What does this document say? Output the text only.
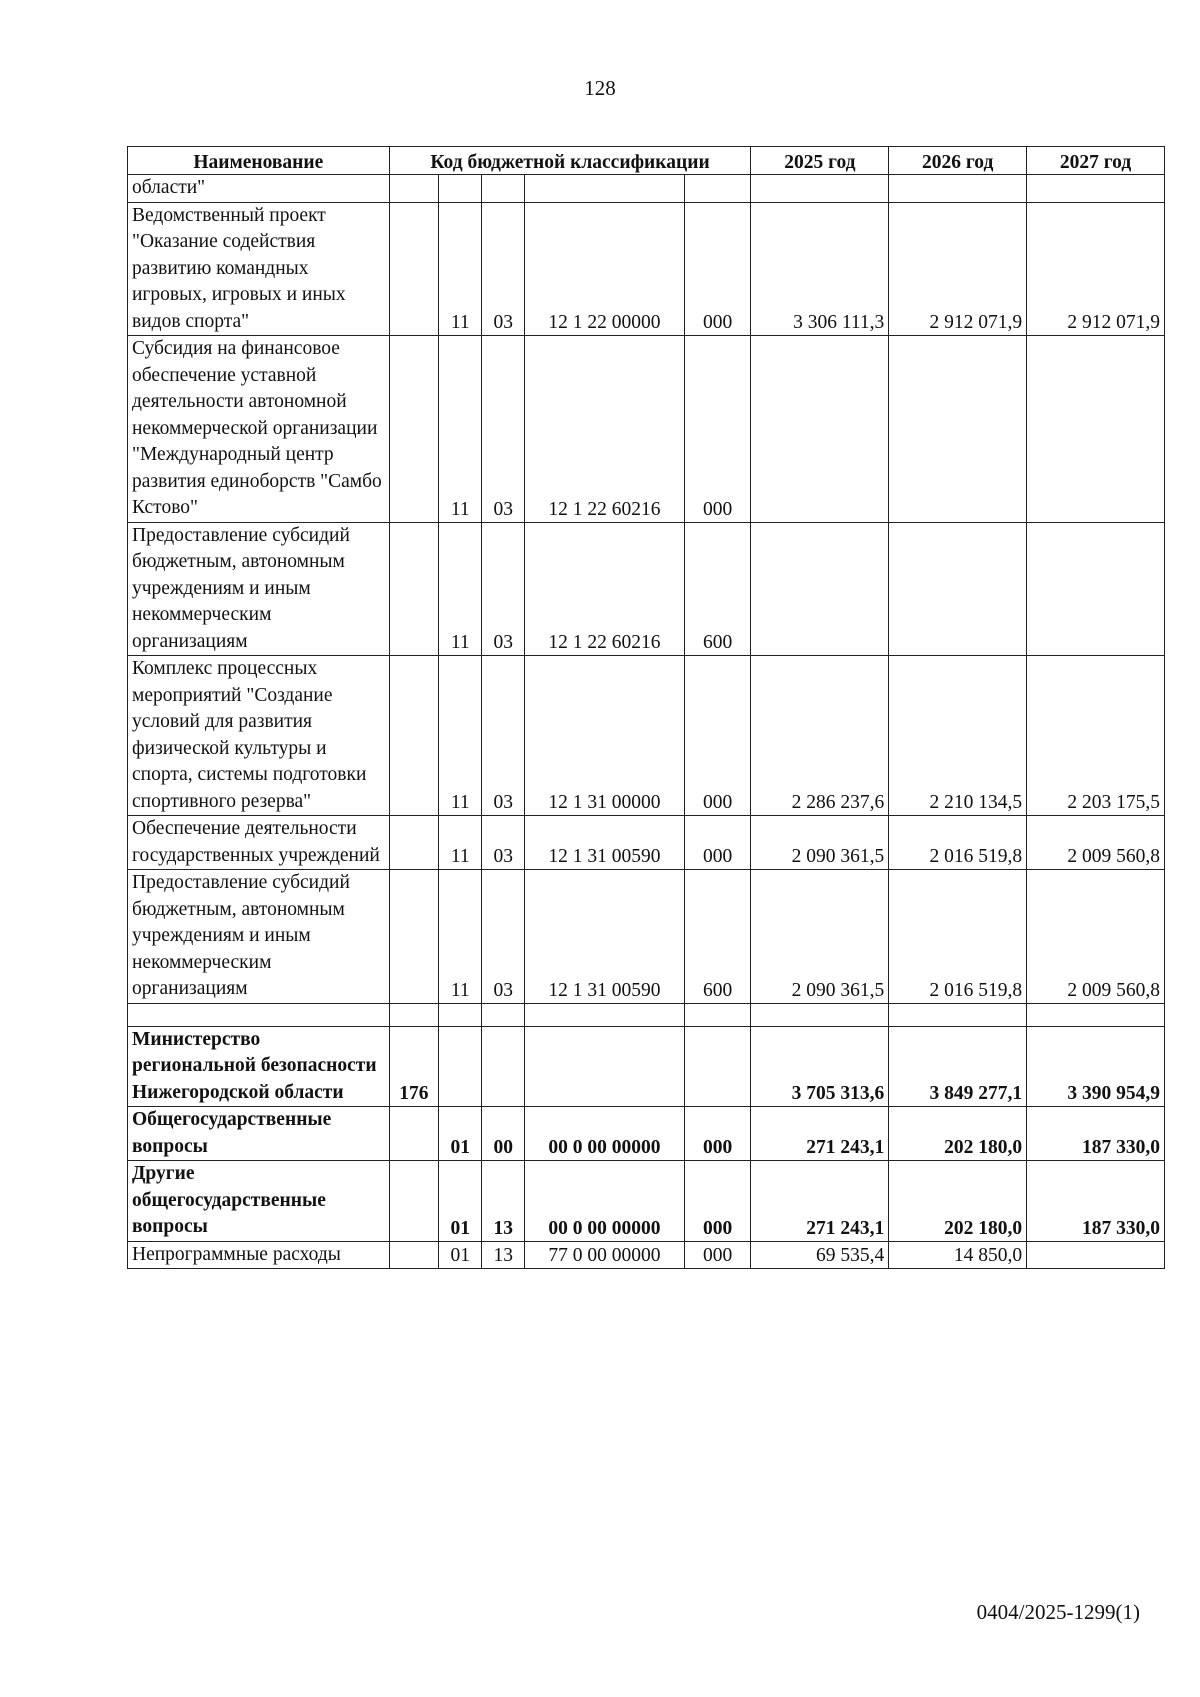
128
Наименование	Код бюджетной классификации					2025 год	2026 год	2027 год
области"								
Ведомственный проект "Оказание содействия развитию командных игровых, игровых и иных видов спорта"		11	03	12 1 22 00000	000	3 306 111,3	2 912 071,9	2 912 071,9
Субсидия на финансовое обеспечение уставной деятельности автономной некоммерческой организации "Международный центр развития единоборств "Самбо Кстово"		11	03	12 1 22 60216	000			
Предоставление субсидий бюджетным, автономным учреждениям и иным некоммерческим организациям		11	03	12 1 22 60216	600			
Комплекс процессных мероприятий "Создание условий для развития физической культуры и спорта, системы подготовки спортивного резерва"		11	03	12 1 31 00000	000	2 286 237,6	2 210 134,5	2 203 175,5
Обеспечение деятельности государственных учреждений		11	03	12 1 31 00590	000	2 090 361,5	2 016 519,8	2 009 560,8
Предоставление субсидий бюджетным, автономным учреждениям и иным некоммерческим организациям		11	03	12 1 31 00590	600	2 090 361,5	2 016 519,8	2 009 560,8

Министерство региональной безопасности Нижегородской области	176					3 705 313,6	3 849 277,1	3 390 954,9
Общегосударственные вопросы		01	00	00 0 00 00000	000	271 243,1	202 180,0	187 330,0
Другие общегосударственные вопросы		01	13	00 0 00 00000	000	271 243,1	202 180,0	187 330,0
Непрограммные расходы		01	13	77 0 00 00000	000	69 535,4	14 850,0	
0404/2025-1299(1)
